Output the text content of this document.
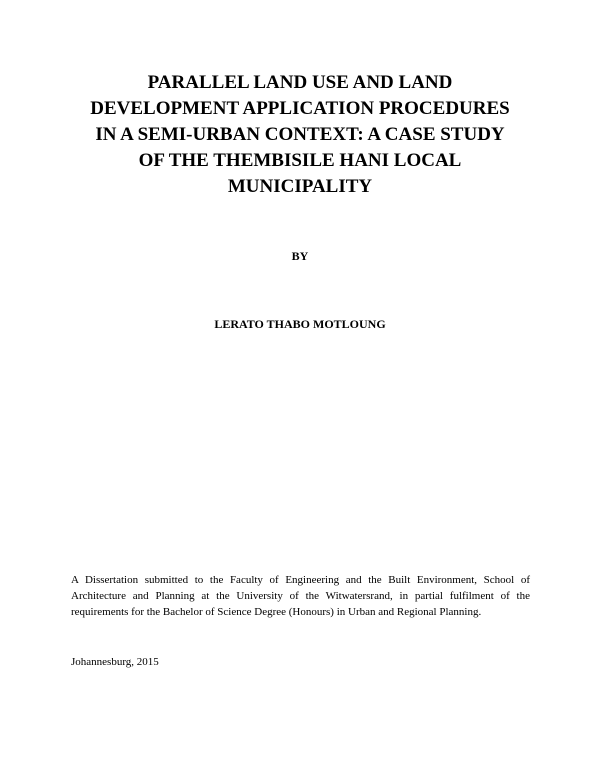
PARALLEL LAND USE AND LAND
DEVELOPMENT APPLICATION PROCEDURES
IN A SEMI-URBAN CONTEXT: A CASE STUDY
OF THE THEMBISILE HANI LOCAL
MUNICIPALITY
BY
LERATO THABO MOTLOUNG
A Dissertation submitted to the Faculty of Engineering and the Built Environment, School of
Architecture and Planning at the University of the Witwatersrand, in partial fulfilment of the
requirements for the Bachelor of Science Degree (Honours) in Urban and Regional Planning.
Johannesburg, 2015
